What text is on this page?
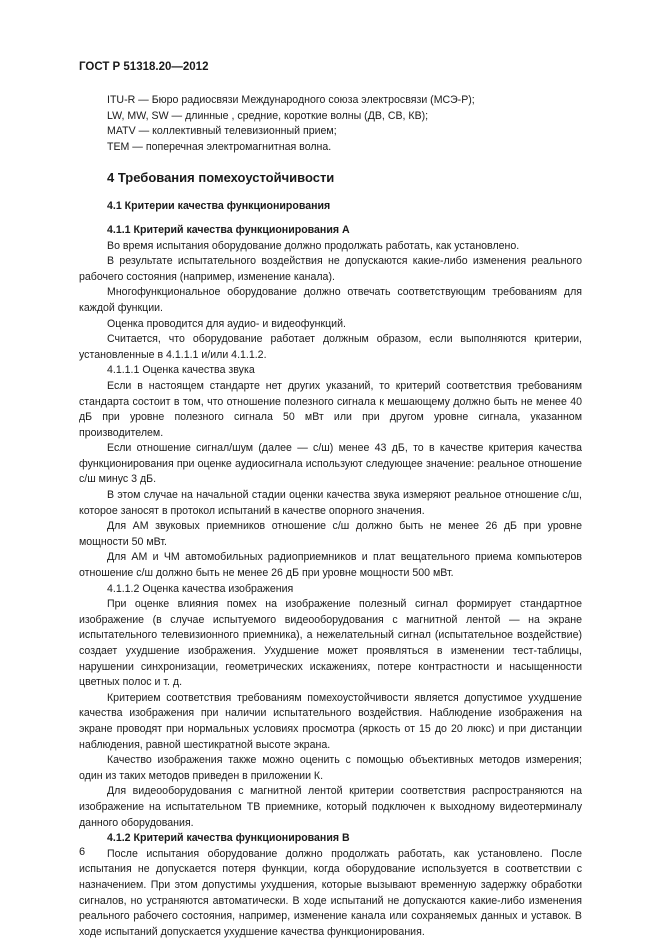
ГОСТ Р 51318.20—2012

ITU-R — Бюро радиосвязи Международного союза электросвязи (МСЭ-Р);

LW, MW, SW — длинные , средние, короткие волны (ДВ, СВ, КВ);

MATV — коллективный телевизионный прием;

TEM — поперечная электромагнитная волна.

4 Требования помехоустойчивости
4.1 Критерии качества функционирования
4.1.1 Критерий качества функционирования А

Во время испытания оборудование должно продолжать работать, как установлено.

В результате испытательного воздействия не допускаются какие-либо изменения реального рабочего состояния (например, изменение канала).

Многофункциональное оборудование должно отвечать соответствующим требованиям для каждой функции.

Оценка проводится для аудио- и видеофункций.

Считается, что оборудование работает должным образом, если выполняются критерии, установленные в 4.1.1.1 и/или 4.1.1.2.

4.1.1.1 Оценка качества звука

Если в настоящем стандарте нет других указаний, то критерий соответствия требованиям стандарта состоит в том, что отношение полезного сигнала к мешающему должно быть не менее 40 дБ при уровне полезного сигнала 50 мВт или при другом уровне сигнала, указанном производителем.

Если отношение сигнал/шум (далее — с/ш) менее 43 дБ, то в качестве критерия качества функционирования при оценке аудиосигнала используют следующее значение: реальное отношение с/ш минус 3 дБ.

В этом случае на начальной стадии оценки качества звука измеряют реальное отношение с/ш, которое заносят в протокол испытаний в качестве опорного значения.

Для АМ звуковых приемников отношение с/ш должно быть не менее 26 дБ при уровне мощности 50 мВт.

Для АМ и ЧМ автомобильных радиоприемников и плат вещательного приема компьютеров отношение с/ш должно быть не менее 26 дБ при уровне мощности 500 мВт.

4.1.1.2 Оценка качества изображения

При оценке влияния помех на изображение полезный сигнал формирует стандартное изображение (в случае испытуемого видеооборудования с магнитной лентой — на экране испытательного телевизионного приемника), а нежелательный сигнал (испытательное воздействие) создает ухудшение изображения. Ухудшение может проявляться в изменении тест-таблицы, нарушении синхронизации, геометрических искажениях, потере контрастности и насыщенности цветных полос и т. д.

Критерием соответствия требованиям помехоустойчивости является допустимое ухудшение качества изображения при наличии испытательного воздействия. Наблюдение изображения на экране проводят при нормальных условиях просмотра (яркость от 15 до 20 люкс) и при дистанции наблюдения, равной шестикратной высоте экрана.

Качество изображения также можно оценить с помощью объективных методов измерения; один из таких методов приведен в приложении К.

Для видеооборудования с магнитной лентой критерии соответствия распространяются на изображение на испытательном ТВ приемнике, который подключен к выходному видеотерминалу данного оборудования.

4.1.2 Критерий качества функционирования В

После испытания оборудование должно продолжать работать, как установлено. После испытания не допускается потеря функции, когда оборудование используется в соответствии с назначением. При этом допустимы ухудшения, которые вызывают временную задержку обработки сигналов, но устраняются автоматически. В ходе испытаний не допускаются какие-либо изменения реального рабочего состояния, например, изменение канала или сохраняемых данных и уставок. В ходе испытаний допускается ухудшение качества функционирования.

6
